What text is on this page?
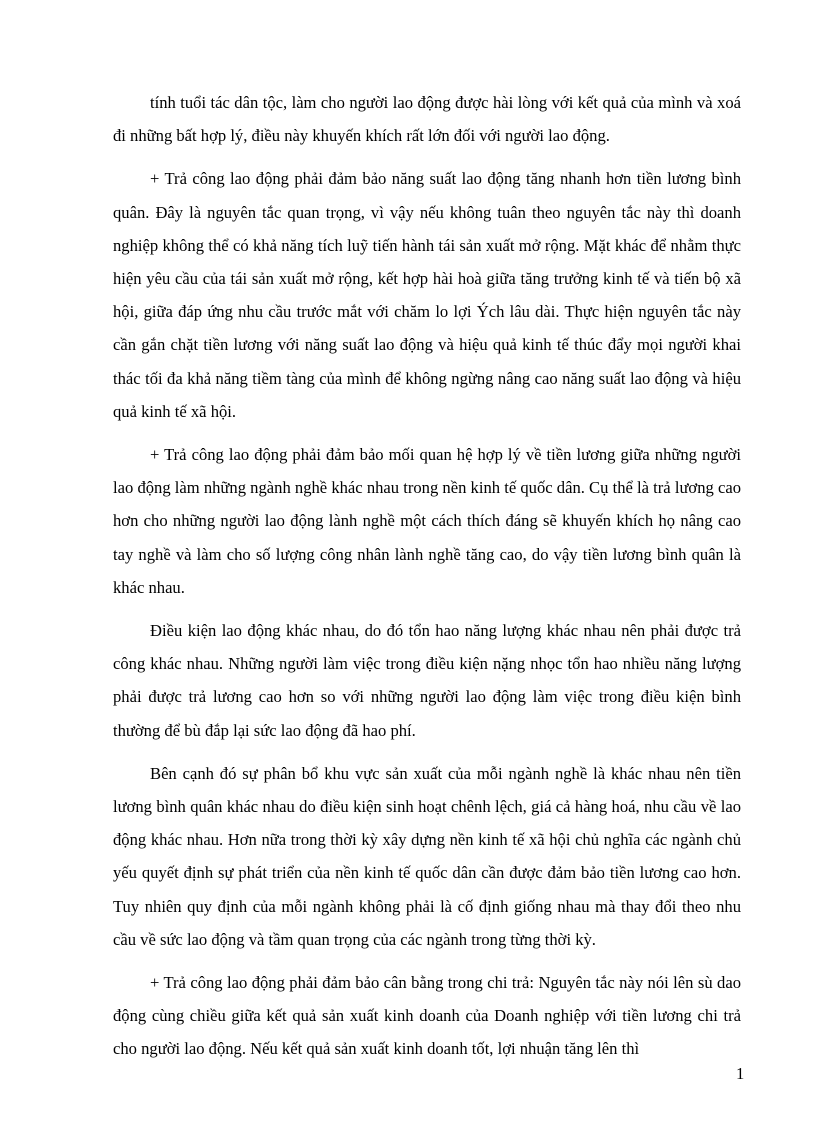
tính tuổi tác dân tộc, làm cho người lao động được hài lòng với kết quả của mình và xoá đi những bất hợp lý, điều này khuyến khích rất lớn đối với người lao động.

+ Trả công lao động phải đảm bảo năng suất lao động tăng nhanh hơn tiền lương bình quân. Đây là nguyên tắc quan trọng, vì vậy nếu không tuân theo nguyên tắc này thì doanh nghiệp không thể có khả năng tích luỹ tiến hành tái sản xuất mở rộng. Mặt khác để nhằm thực hiện yêu cầu của tái sản xuất mở rộng, kết hợp hài hoà giữa tăng trưởng kinh tế và tiến bộ xã hội, giữa đáp ứng nhu cầu trước mắt với chăm lo lợi Ých lâu dài. Thực hiện nguyên tắc này cần gắn chặt tiền lương với năng suất lao động và hiệu quả kinh tế thúc đẩy mọi người khai thác tối đa khả năng tiềm tàng của mình để không ngừng nâng cao năng suất lao động và hiệu quả kinh tế xã hội.

+ Trả công lao động phải đảm bảo mối quan hệ hợp lý về tiền lương giữa những người lao động làm những ngành nghề khác nhau trong nền kinh tế quốc dân. Cụ thể là trả lương cao hơn cho những người lao động lành nghề một cách thích đáng sẽ khuyến khích họ nâng cao tay nghề và làm cho số lượng công nhân lành nghề tăng cao, do vậy tiền lương bình quân là khác nhau.

Điều kiện lao động khác nhau, do đó tổn hao năng lượng khác nhau nên phải được trả công khác nhau. Những người làm việc trong điều kiện nặng nhọc tổn hao nhiều năng lượng phải được trả lương cao hơn so với những người lao động làm việc trong điều kiện bình thường để bù đắp lại sức lao động đã hao phí.

Bên cạnh đó sự phân bổ khu vực sản xuất của mỗi ngành nghề là khác nhau nên tiền lương bình quân khác nhau do điều kiện sinh hoạt chênh lệch, giá cả hàng hoá, nhu cầu về lao động khác nhau. Hơn nữa trong thời kỳ xây dựng nền kinh tế xã hội chủ nghĩa các ngành chủ yếu quyết định sự phát triển của nền kinh tế quốc dân cần được đảm bảo tiền lương cao hơn. Tuy nhiên quy định của mỗi ngành không phải là cố định giống nhau mà thay đổi theo nhu cầu về sức lao động và tầm quan trọng của các ngành trong từng thời kỳ.

+ Trả công lao động phải đảm bảo cân bằng trong chi trả: Nguyên tắc này nói lên sù dao động cùng chiều giữa kết quả sản xuất kinh doanh của Doanh nghiệp với tiền lương chi trả cho người lao động. Nếu kết quả sản xuất kinh doanh tốt, lợi nhuận tăng lên thì

1
